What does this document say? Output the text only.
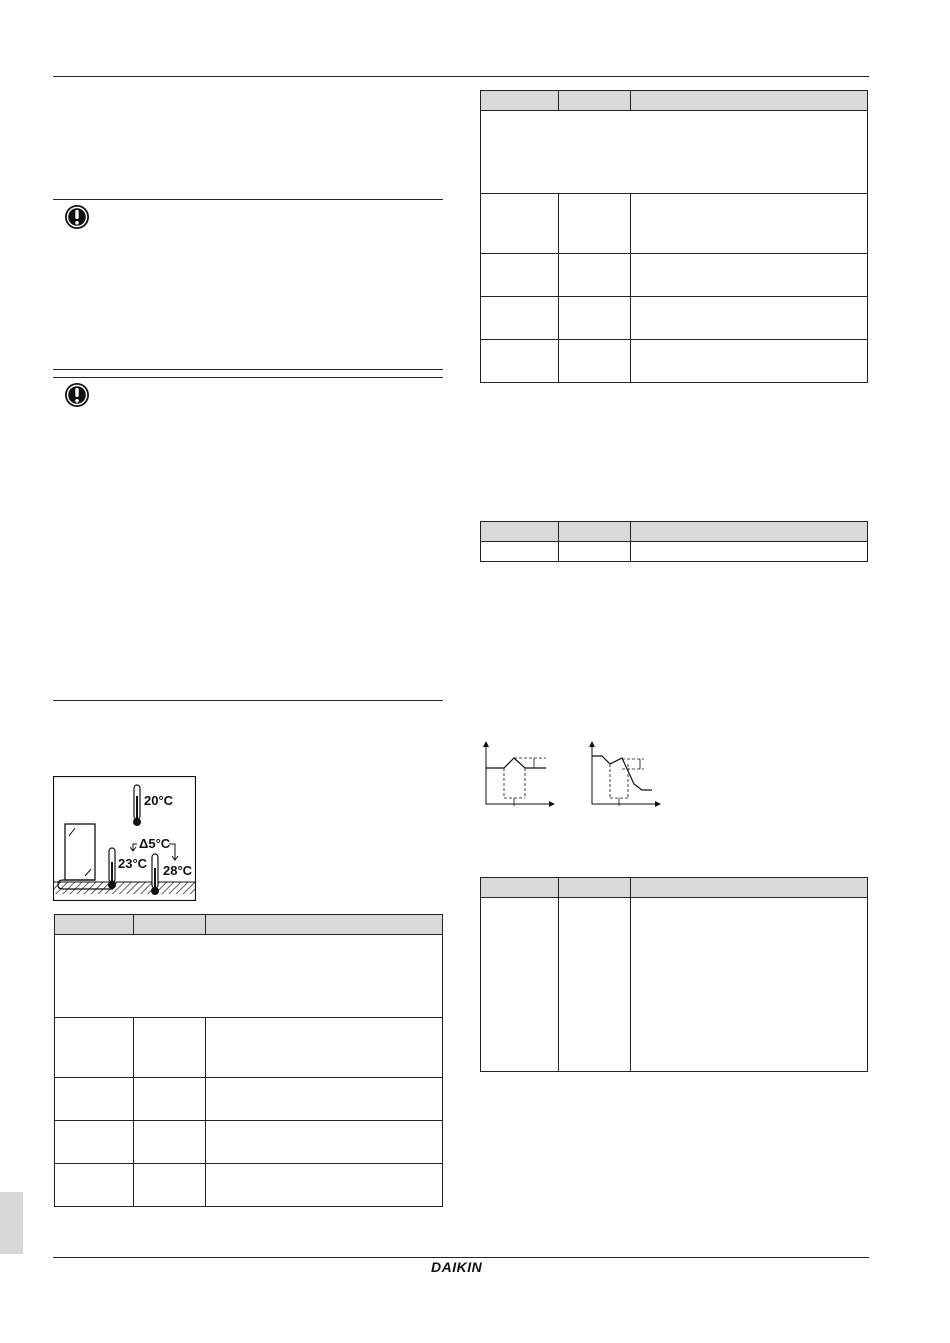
20°C
Δ5°C
23°C 28°C

DAIKIN
